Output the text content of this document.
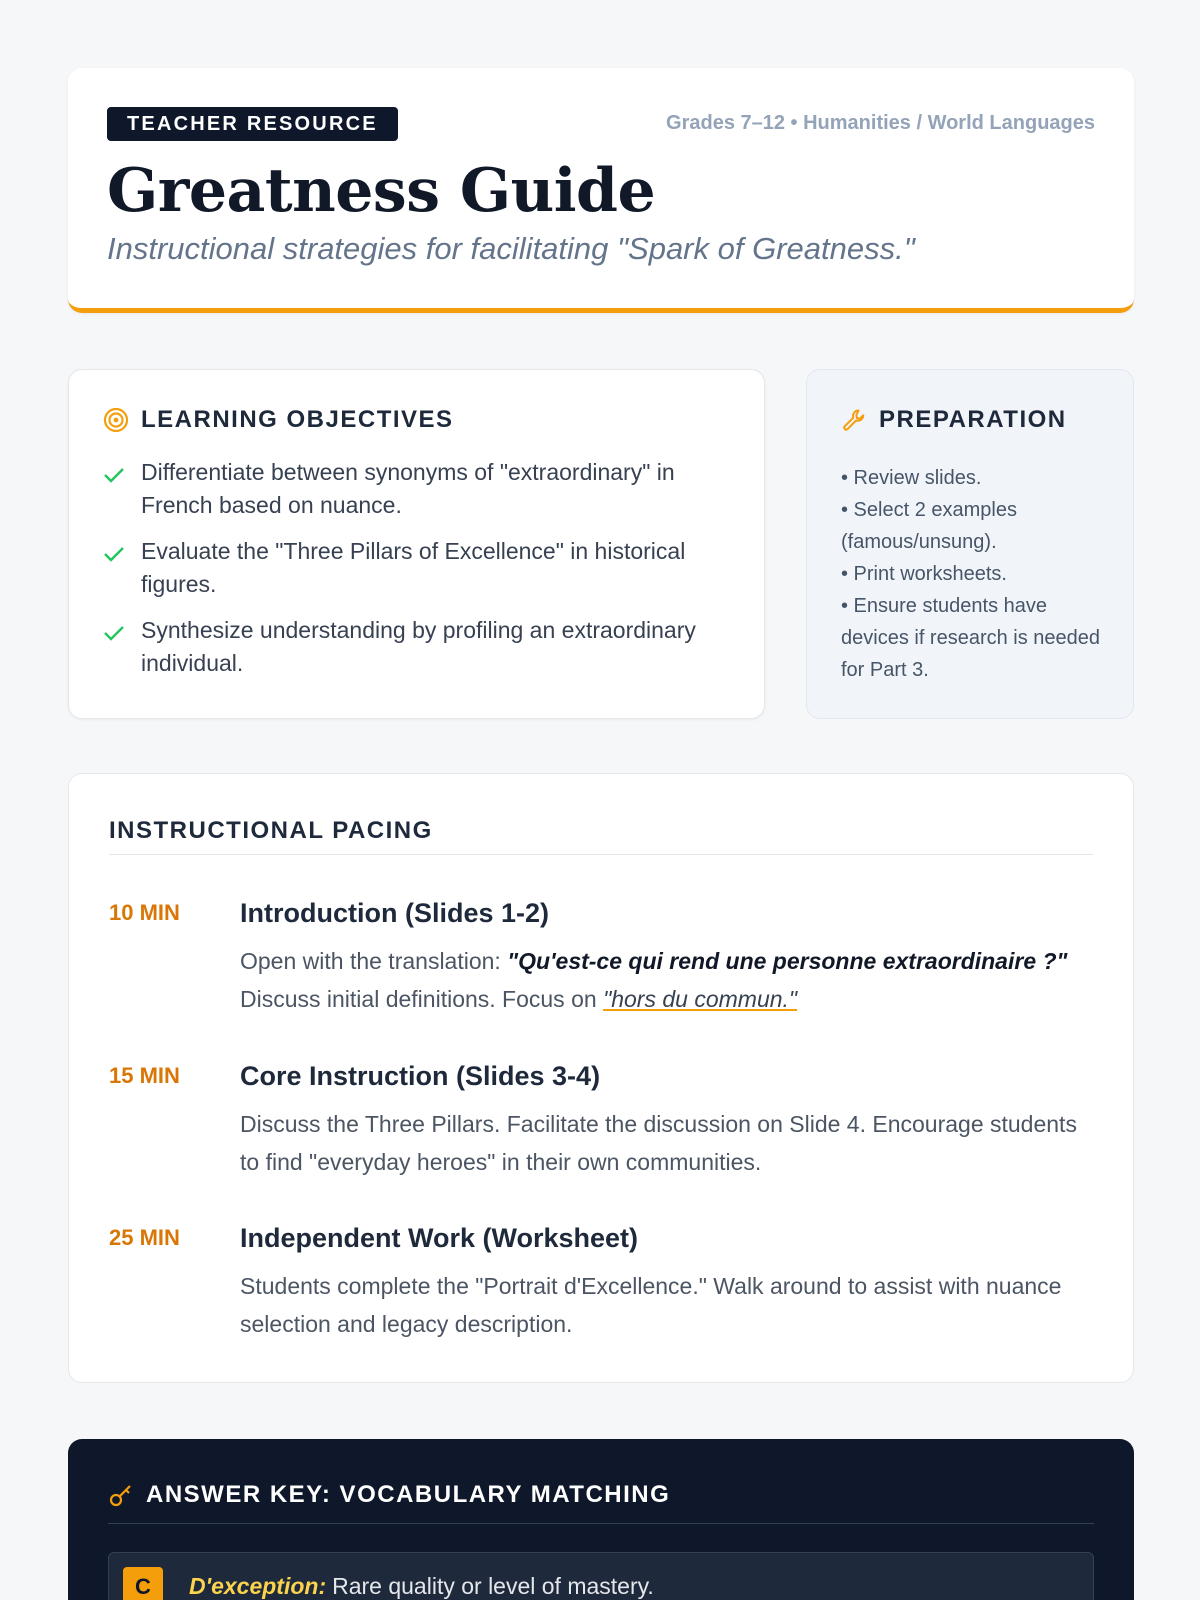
TEACHER RESOURCE	Grades 7–12 • Humanities / World Languages
Greatness Guide
Instructional strategies for facilitating "Spark of Greatness."
LEARNING OBJECTIVES
Differentiate between synonyms of "extraordinary" in French based on nuance.
Evaluate the "Three Pillars of Excellence" in historical figures.
Synthesize understanding by profiling an extraordinary individual.
PREPARATION
• Review slides.
• Select 2 examples (famous/unsung).
• Print worksheets.
• Ensure students have devices if research is needed for Part 3.
INSTRUCTIONAL PACING
10 MIN Introduction (Slides 1-2)
Open with the translation: "Qu'est-ce qui rend une personne extraordinaire ?" Discuss initial definitions. Focus on "hors du commun."
15 MIN Core Instruction (Slides 3-4)
Discuss the Three Pillars. Facilitate the discussion on Slide 4. Encourage students to find "everyday heroes" in their own communities.
25 MIN Independent Work (Worksheet)
Students complete the "Portrait d'Excellence." Walk around to assist with nuance selection and legacy description.
ANSWER KEY: VOCABULARY MATCHING
C	D'exception: Rare quality or level of mastery.
